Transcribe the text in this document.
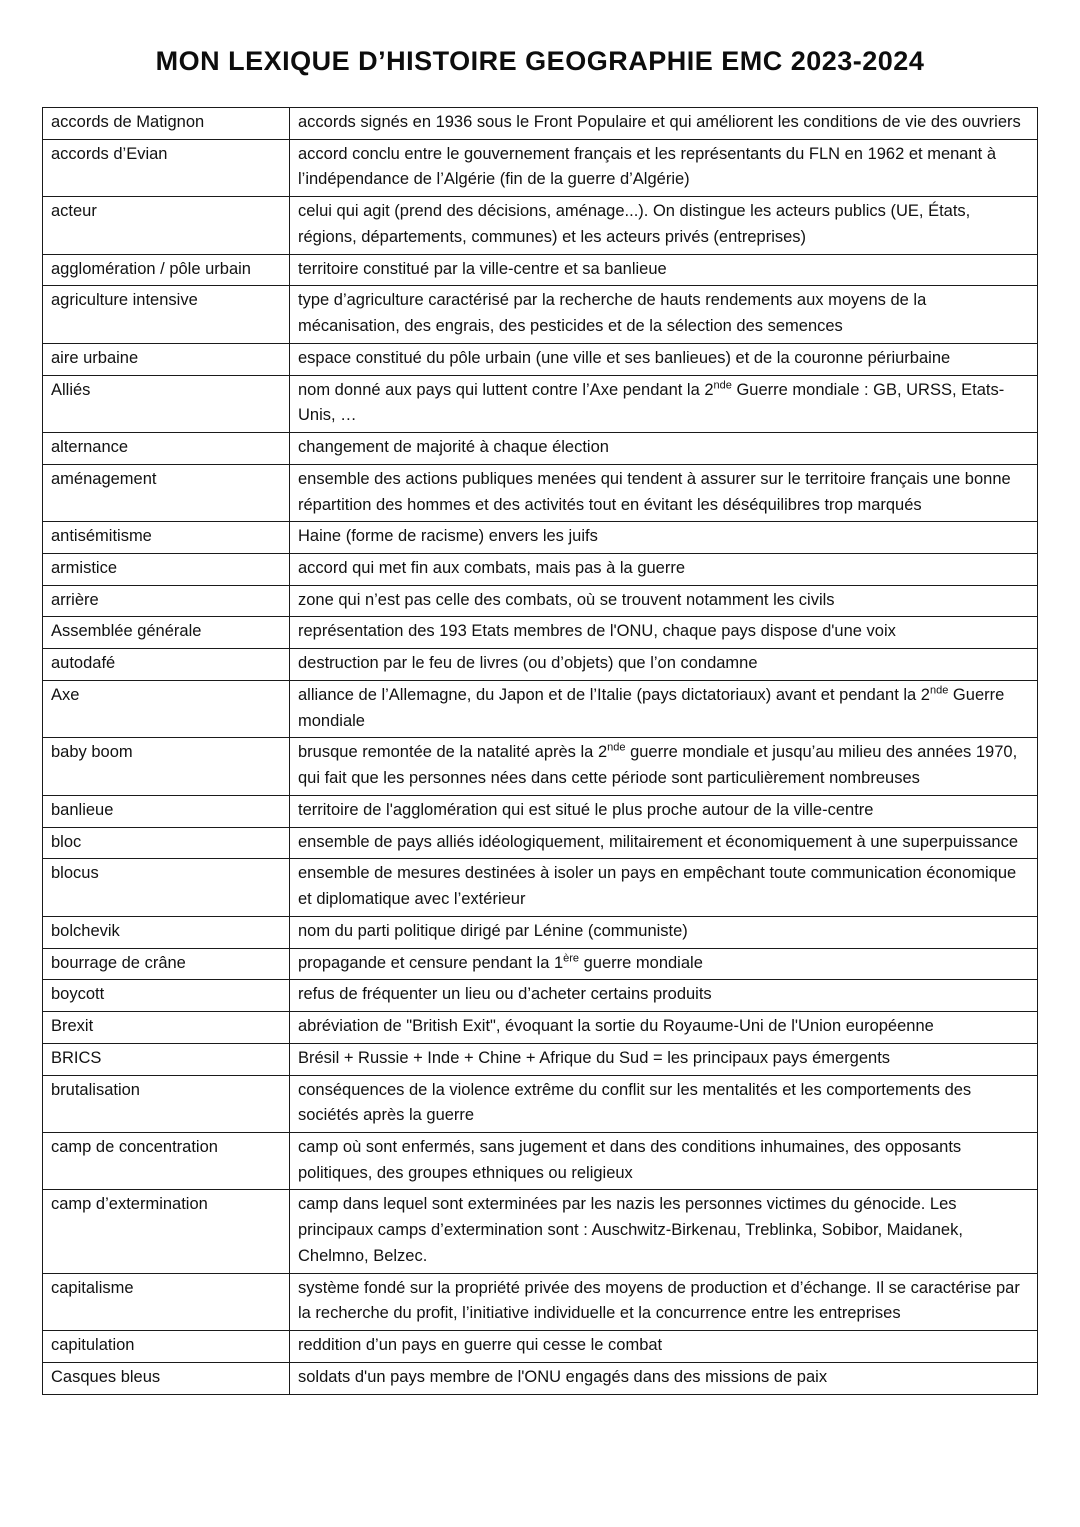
MON LEXIQUE D’HISTOIRE GEOGRAPHIE EMC 2023-2024
accords de Matignon	accords signés en 1936 sous le Front Populaire et qui améliorent les conditions de vie des ouvriers
accords d’Evian	accord conclu entre le gouvernement français et les représentants du FLN en 1962 et menant à l’indépendance de l’Algérie (fin de la guerre d’Algérie)
acteur	celui qui agit (prend des décisions, aménage...). On distingue les acteurs publics (UE, États, régions, départements, communes) et les acteurs privés (entreprises)
agglomération / pôle urbain	territoire constitué par la ville-centre et sa banlieue
agriculture intensive	type d’agriculture caractérisé par la recherche de hauts rendements aux moyens de la mécanisation, des engrais, des pesticides et de la sélection des semences
aire urbaine	espace constitué du pôle urbain (une ville et ses banlieues) et de la couronne périurbaine
Alliés	nom donné aux pays qui luttent contre l’Axe pendant la 2nde Guerre mondiale : GB, URSS, Etats-Unis, …
alternance	changement de majorité à chaque élection
aménagement	ensemble des actions publiques menées qui tendent à assurer sur le territoire français une bonne répartition des hommes et des activités tout en évitant les déséquilibres trop marqués
antisémitisme	Haine (forme de racisme) envers les juifs
armistice	accord qui met fin aux combats, mais pas à la guerre
arrière	zone qui n’est pas celle des combats, où se trouvent notamment les civils
Assemblée générale	représentation des 193 Etats membres de l'ONU, chaque pays dispose d'une voix
autodafé	destruction par le feu de livres (ou d’objets) que l’on condamne
Axe	alliance de l’Allemagne, du Japon et de l’Italie (pays dictatoriaux) avant et pendant la 2nde Guerre mondiale
baby boom	brusque remontée de la natalité après la 2nde guerre mondiale et jusqu’au milieu des années 1970, qui fait que les personnes nées dans cette période sont particulièrement nombreuses
banlieue	territoire de l'agglomération qui est situé le plus proche autour de la ville-centre
bloc	ensemble de pays alliés idéologiquement, militairement et économiquement à une superpuissance
blocus	ensemble de mesures destinées à isoler un pays en empêchant toute communication économique et diplomatique avec l’extérieur
bolchevik	nom du parti politique dirigé par Lénine (communiste)
bourrage de crâne	propagande et censure pendant la 1ère guerre mondiale
boycott	refus de fréquenter un lieu ou d’acheter certains produits
Brexit	abréviation de "British Exit", évoquant la sortie du Royaume-Uni de l'Union européenne
BRICS	Brésil + Russie + Inde + Chine + Afrique du Sud = les principaux pays émergents
brutalisation	conséquences de la violence extrême du conflit sur les mentalités et les comportements des sociétés après la guerre
camp de concentration	camp où sont enfermés, sans jugement et dans des conditions inhumaines, des opposants politiques, des groupes ethniques ou religieux
camp d’extermination	camp dans lequel sont exterminées par les nazis les personnes victimes du génocide. Les principaux camps d’extermination sont : Auschwitz-Birkenau, Treblinka, Sobibor, Maidanek, Chelmno, Belzec.
capitalisme	système fondé sur la propriété privée des moyens de production et d’échange. Il se caractérise par la recherche du profit, l’initiative individuelle et la concurrence entre les entreprises
capitulation	reddition d’un pays en guerre qui cesse le combat
Casques bleus	soldats d'un pays membre de l'ONU engagés dans des missions de paix
